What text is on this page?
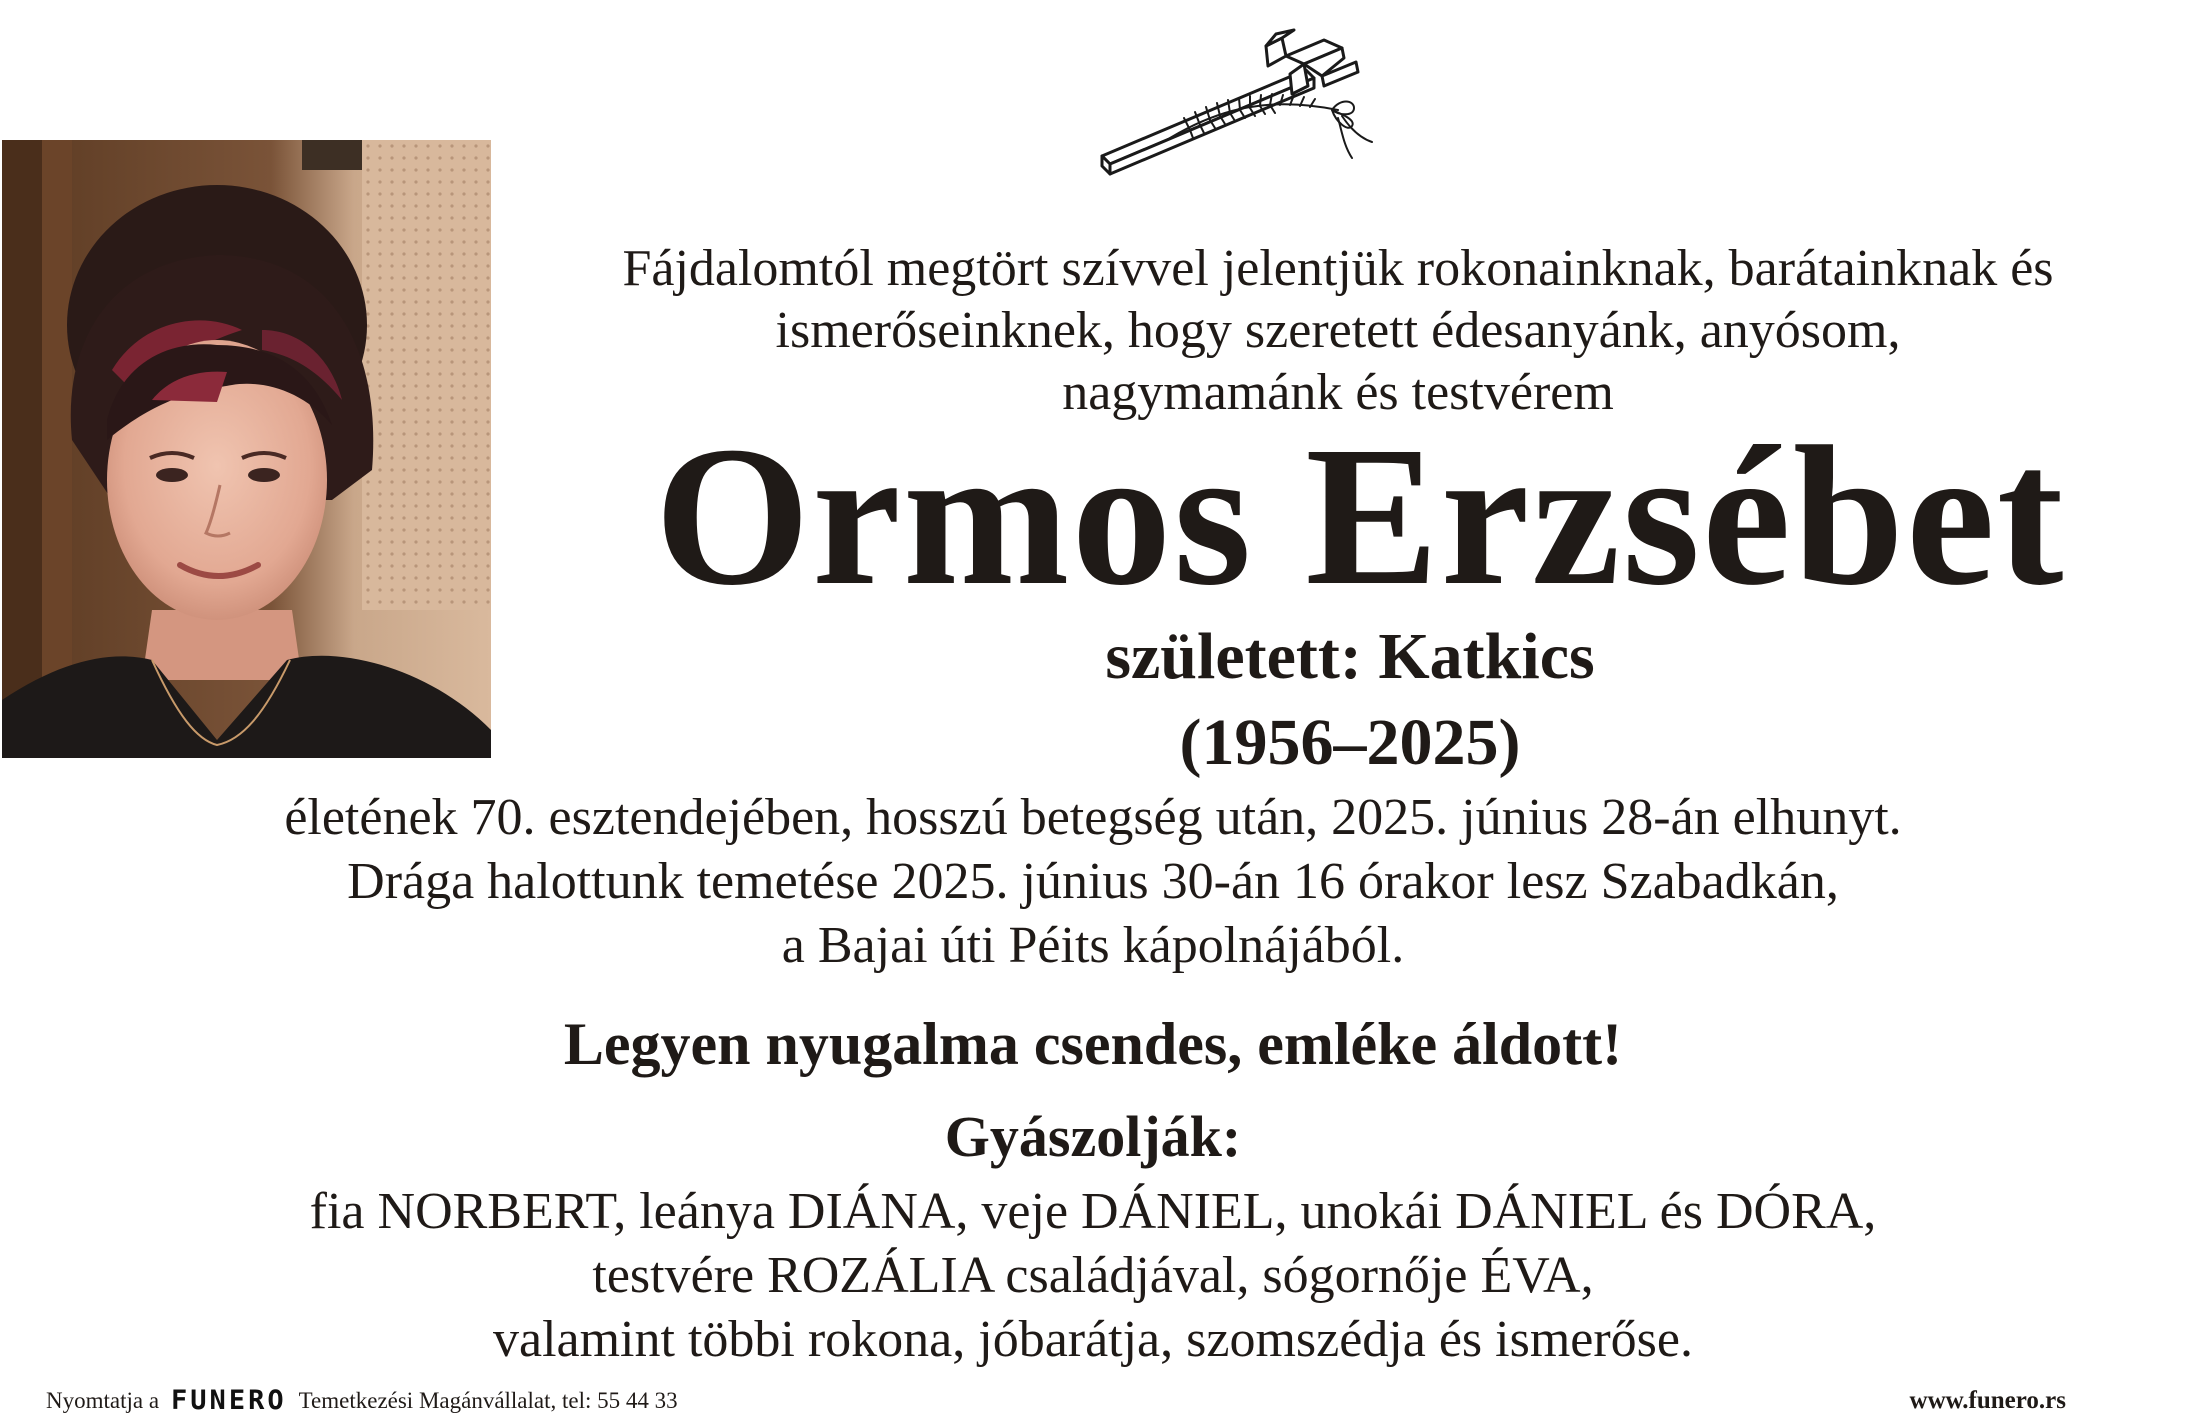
Fájdalomtól megtört szívvel jelentjük rokonainknak, barátainknak és
ismerőseinknek, hogy szeretett édesanyánk, anyósom,
nagymamánk és testvérem
Ormos Erzsébet
született: Katkics
(1956–2025)
életének 70. esztendejében, hosszú betegség után, 2025. június 28-án elhunyt.
Drága halottunk temetése 2025. június 30-án 16 órakor lesz Szabadkán,
a Bajai úti Péits kápolnájából.
Legyen nyugalma csendes, emléke áldott!
Gyászolják:
fia NORBERT, leánya DIÁNA, veje DÁNIEL, unokái DÁNIEL és DÓRA,
testvére ROZÁLIA családjával, sógornője ÉVA,
valamint többi rokona, jóbarátja, szomszédja és ismerőse.
Nyomtatja a FUNERO Temetkezési Magánvállalat, tel: 55 44 33	www.funero.rs
